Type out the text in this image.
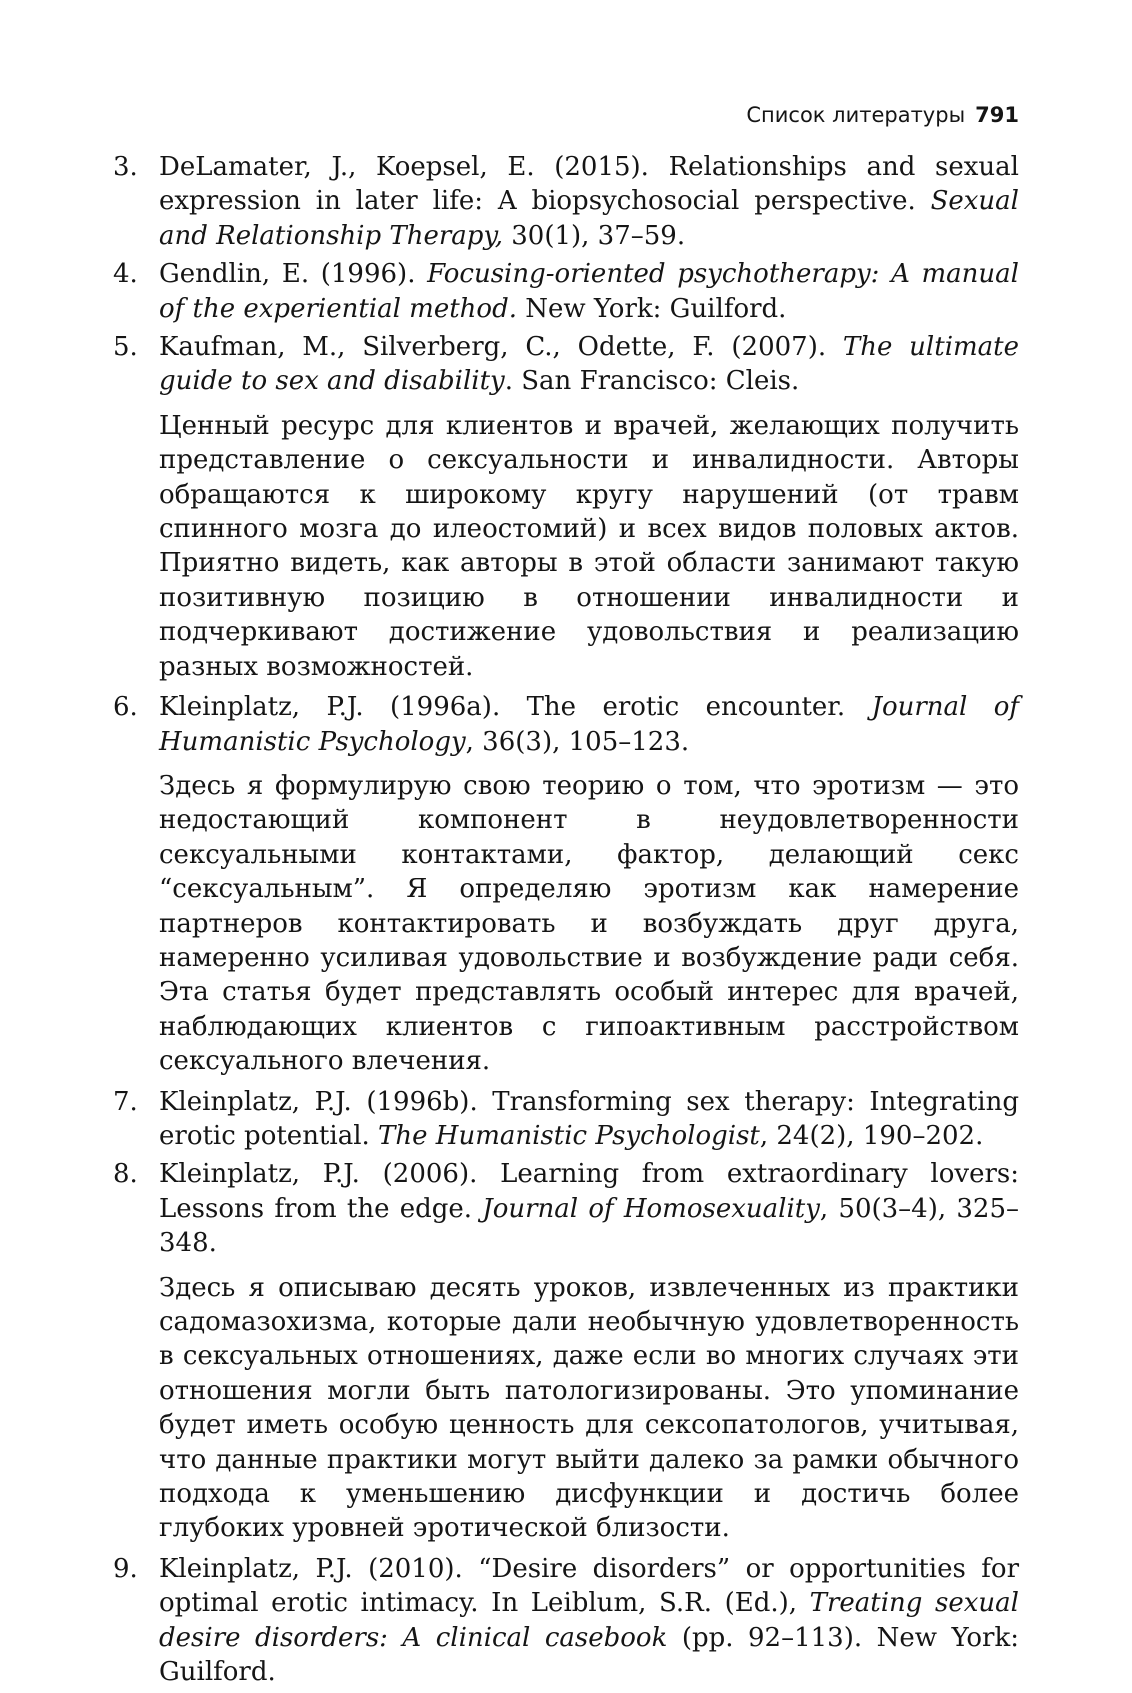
Список литературы 791
3. DeLamater, J., Koepsel, E. (2015). Relationships and sexual expression in later life: A biopsychosocial perspective. Sexual and Relationship Therapy, 30(1), 37–59.
4. Gendlin, E. (1996). Focusing-oriented psychotherapy: A manual of the experiential method. New York: Guilford.
5. Kaufman, M., Silverberg, C., Odette, F. (2007). The ultimate guide to sex and disability. San Francisco: Cleis.
Ценный ресурс для клиентов и врачей, желающих получить представление о сексуальности и инвалидности. Авторы обращаются к широкому кругу нарушений (от травм спинного мозга до илеостомий) и всех видов половых актов. Приятно видеть, как авторы в этой области занимают такую позитивную позицию в отношении инвалидности и подчеркивают достижение удовольствия и реализацию разных возможностей.
6. Kleinplatz, P.J. (1996a). The erotic encounter. Journal of Humanistic Psychology, 36(3), 105–123.
Здесь я формулирую свою теорию о том, что эротизм — это недостающий компонент в неудовлетворенности сексуальными контактами, фактор, делающий секс “сексуальным”. Я определяю эротизм как намерение партнеров контактировать и возбуждать друг друга, намеренно усиливая удовольствие и возбуждение ради себя. Эта статья будет представлять особый интерес для врачей, наблюдающих клиентов с гипоактивным расстройством сексуального влечения.
7. Kleinplatz, P.J. (1996b). Transforming sex therapy: Integrating erotic potential. The Humanistic Psychologist, 24(2), 190–202.
8. Kleinplatz, P.J. (2006). Learning from extraordinary lovers: Lessons from the edge. Journal of Homosexuality, 50(3–4), 325–348.
Здесь я описываю десять уроков, извлеченных из практики садомазохизма, которые дали необычную удовлетворенность в сексуальных отношениях, даже если во многих случаях эти отношения могли быть патологизированы. Это упоминание будет иметь особую ценность для сексопатологов, учитывая, что данные практики могут выйти далеко за рамки обычного подхода к уменьшению дисфункции и достичь более глубоких уровней эротической близости.
9. Kleinplatz, P.J. (2010). “Desire disorders” or opportunities for optimal erotic intimacy. In Leiblum, S.R. (Ed.), Treating sexual desire disorders: A clinical casebook (pp. 92–113). New York: Guilford.
